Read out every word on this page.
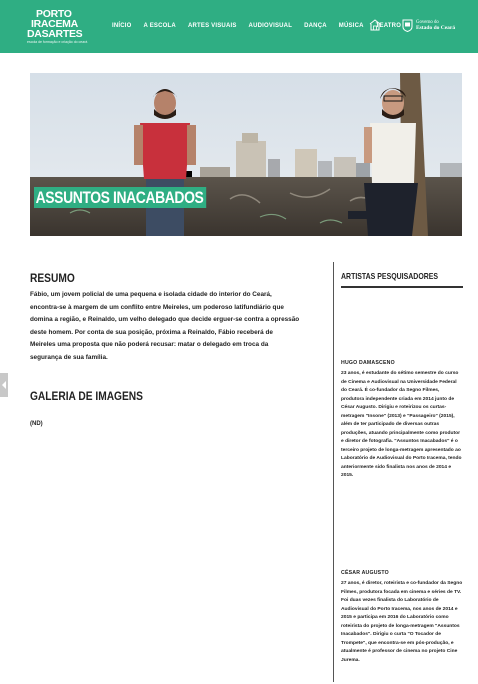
PORTO
IRACEMA
DASARTES
escola de formação e criação do ceará
INÍCIO A ESCOLA ARTES VISUAIS AUDIOVISUAL DANÇA MÚSICA TEATRO
Governo do
Estado do Ceará
ASSUNTOS INACABADOS
RESUMO

Fábio, um jovem policial de uma pequena e isolada cidade do interior do Ceará, encontra-se à margem de um conflito entre Meireles, um poderoso latifundiário que domina a região, e Reinaldo, um velho delegado que decide erguer-se contra a opressão deste homem. Por conta de sua posição, próxima a Reinaldo, Fábio receberá de Meireles uma proposta que não poderá recusar: matar o delegado em troca da segurança de sua família.

GALERIA DE IMAGENS
(ND)
ARTISTAS PESQUISADORES
HUGO DAMASCENO

23 anos, é estudante do sétimo semestre do curso de Cinema e Audiovisual na Universidade Federal do Ceará. É co-fundador da Segno Filmes, produtora independente criada em 2014 junto de César Augusto. Dirigiu e roteirizou os curtas-metragem "Insone" (2013) e "Passageiro" (2015), além de ter participado de diversas outras produções, atuando principalmente como produtor e diretor de fotografia. "Assuntos Inacabados" é o terceiro projeto de longa-metragem apresentado ao Laboratório de Audiovisual do Porto Iracema, tendo anteriormente sido finalista nos anos de 2014 e 2015.

CÉSAR AUGUSTO

27 anos, é diretor, roteirista e co-fundador da Segno Filmes, produtora focada em cinema e séries de TV. Foi duas vezes finalista do Laboratório de Audiovisual do Porto Iracema, nos anos de 2014 e 2015 e participa em 2016 do Laboratório como roteirista do projeto de longa-metragem "Assuntos Inacabados". Dirigiu o curta "O Tocador de Trompete", que encontra-se em pós-produção, e atualmente é professor de cinema no projeto Cine Jurema.
